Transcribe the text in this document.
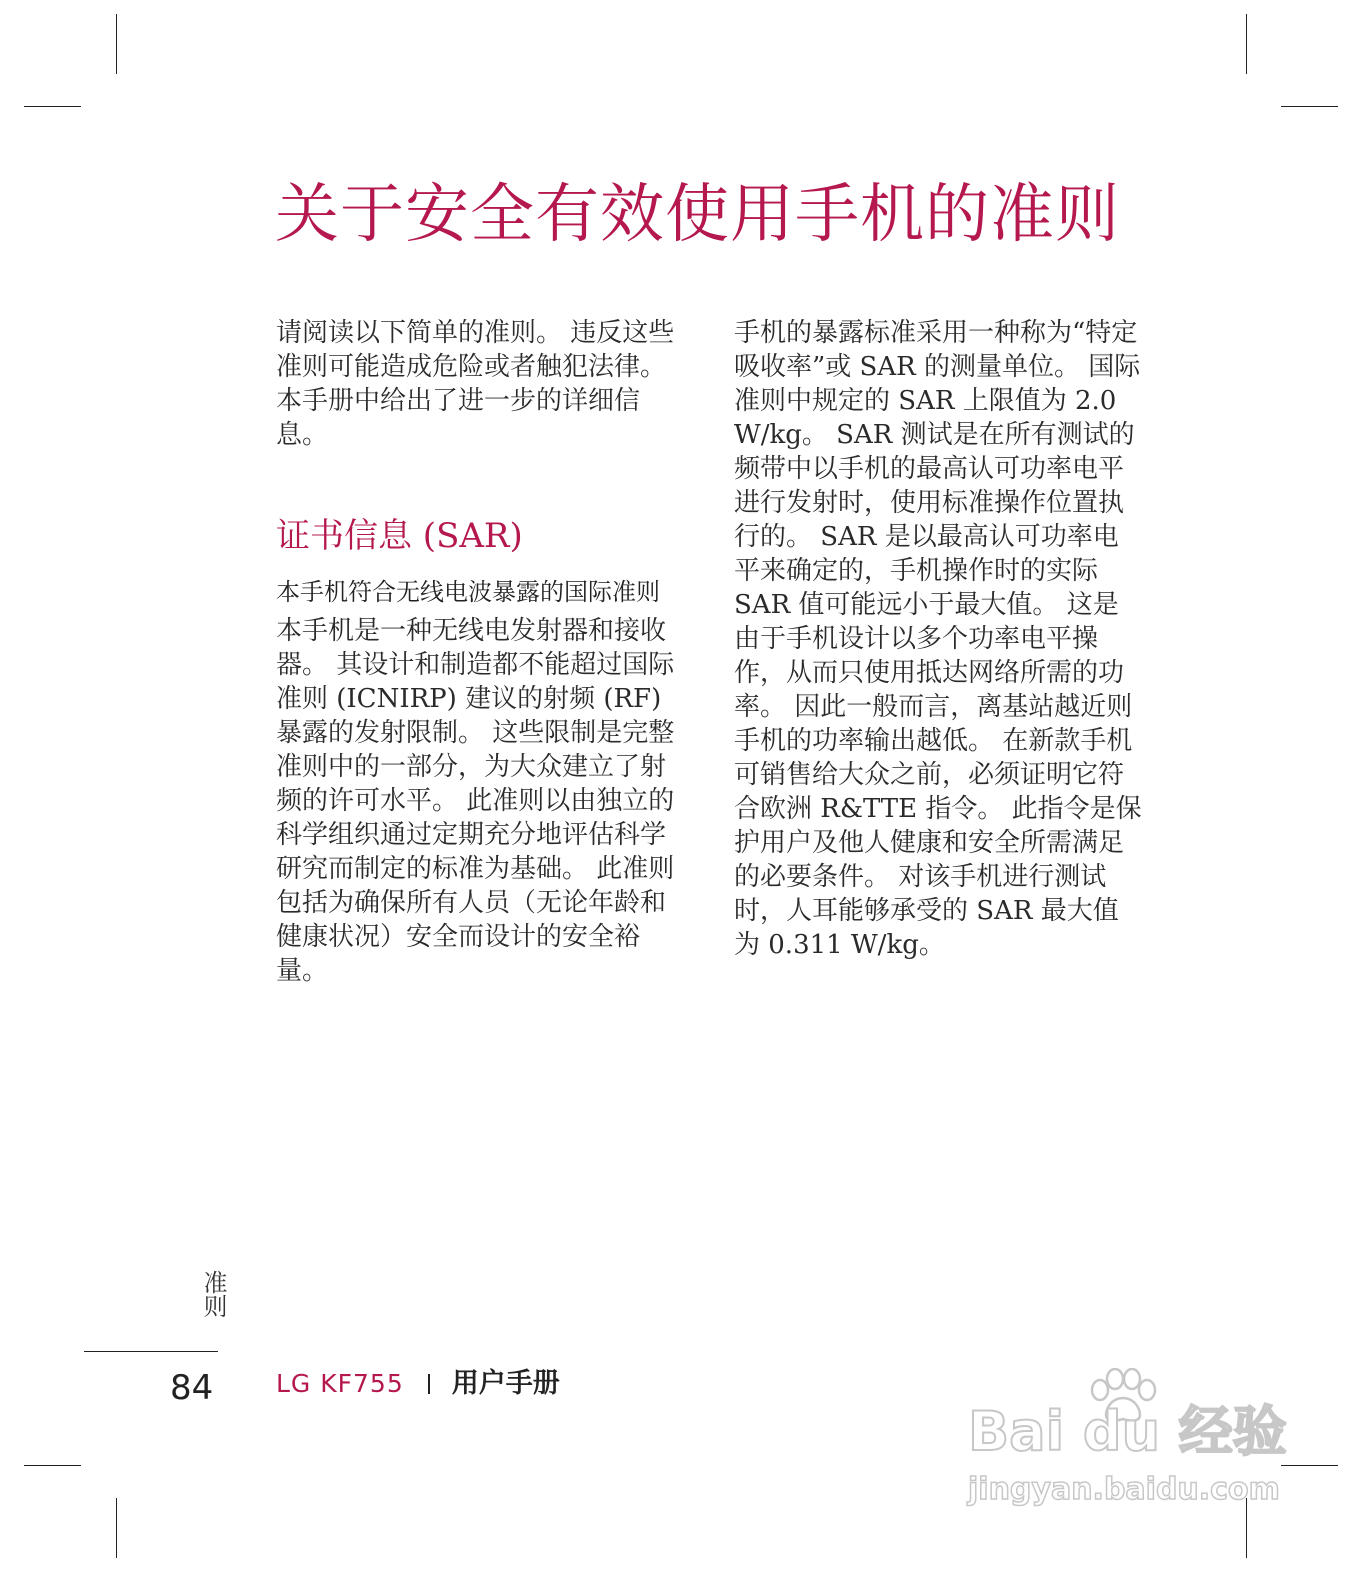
关于安全有效使用手机的准则

请阅读以下简单的准则。 违反这些准则可能造成危险或者触犯法律。 本手册中给出了进一步的详细信息。

证书信息 (SAR)
本手机符合无线电波暴露的国际准则

本手机是一种无线电发射器和接收器。 其设计和制造都不能超过国际准则 (ICNIRP) 建议的射频 (RF) 暴露的发射限制。 这些限制是完整准则中的一部分，为大众建立了射频的许可水平。 此准则以由独立的科学组织通过定期充分地评估科学研究而制定的标准为基础。 此准则包括为确保所有人员（无论年龄和健康状况）安全而设计的安全裕量。

手机的暴露标准采用一种称为“特定吸收率”或 SAR 的测量单位。 国际准则中规定的 SAR 上限值为 2.0 W/kg。 SAR 测试是在所有测试的频带中以手机的最高认可功率电平进行发射时，使用标准操作位置执行的。 SAR 是以最高认可功率电平来确定的，手机操作时的实际 SAR 值可能远小于最大值。 这是由于手机设计以多个功率电平操作，从而只使用抵达网络所需的功率。 因此一般而言，离基站越近则手机的功率输出越低。 在新款手机可销售给大众之前，必须证明它符合欧洲 R&TTE 指令。 此指令是保护用户及他人健康和安全所需满足的必要条件。 对该手机进行测试时，人耳能够承受的 SAR 最大值为 0.311 W/kg。

准则
84	LG KF755 用户手册
Bai du 经验
jingyan.baidu.com
